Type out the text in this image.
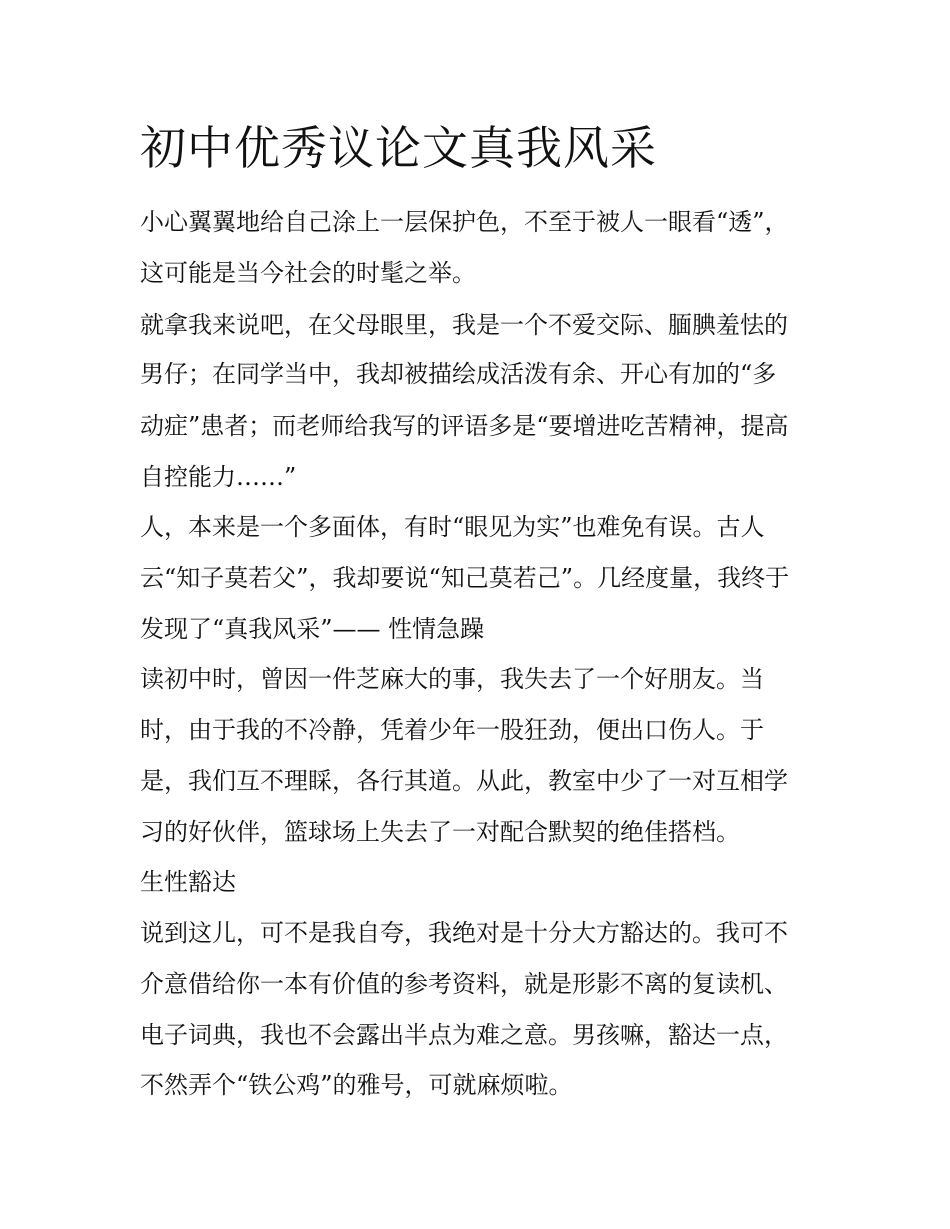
初中优秀议论文真我风采

小心翼翼地给自己涂上一层保护色，不至于被人一眼看“透”，

这可能是当今社会的时髦之举。

就拿我来说吧，在父母眼里，我是一个不爱交际、腼腆羞怯的

男仔；在同学当中，我却被描绘成活泼有余、开心有加的“多

动症”患者；而老师给我写的评语多是“要增进吃苦精神，提高

自控能力……”

人，本来是一个多面体，有时“眼见为实”也难免有误。古人

云“知子莫若父”，我却要说“知己莫若己”。几经度量，我终于

发现了“真我风采”—— 性情急躁

读初中时，曾因一件芝麻大的事，我失去了一个好朋友。当

时，由于我的不冷静，凭着少年一股狂劲，便出口伤人。于

是，我们互不理睬，各行其道。从此，教室中少了一对互相学

习的好伙伴，篮球场上失去了一对配合默契的绝佳搭档。

生性豁达

说到这儿，可不是我自夸，我绝对是十分大方豁达的。我可不

介意借给你一本有价值的参考资料，就是形影不离的复读机、

电子词典，我也不会露出半点为难之意。男孩嘛，豁达一点，

不然弄个“铁公鸡”的雅号，可就麻烦啦。
